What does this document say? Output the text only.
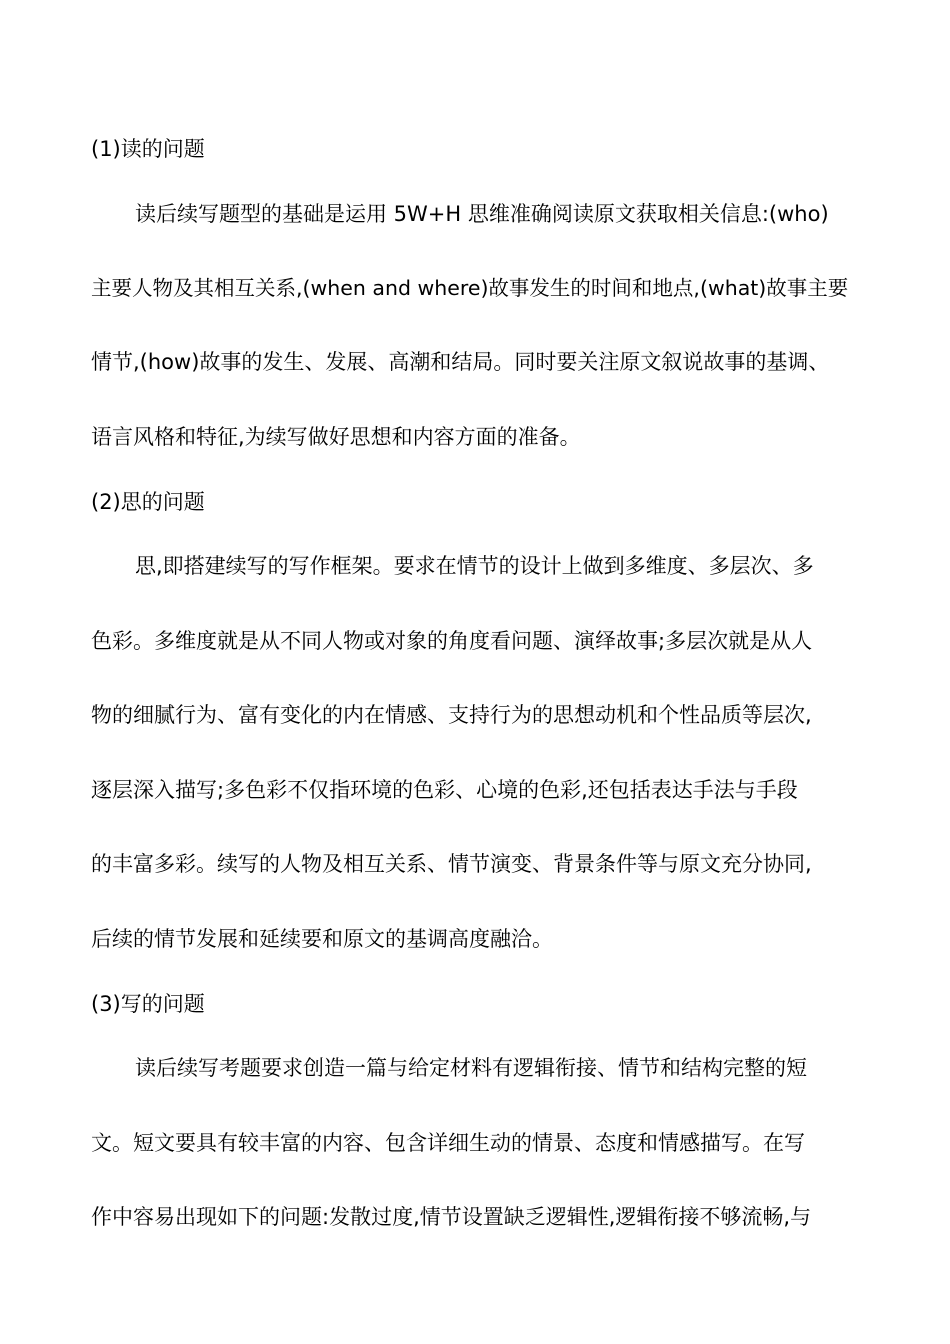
(1)读的问题
读后续写题型的基础是运用 5W+H 思维准确阅读原文获取相关信息:(who)
主要人物及其相互关系,(when and where)故事发生的时间和地点,(what)故事主要
情节,(how)故事的发生、发展、高潮和结局。同时要关注原文叙说故事的基调、
语言风格和特征,为续写做好思想和内容方面的准备。
(2)思的问题
思,即搭建续写的写作框架。要求在情节的设计上做到多维度、多层次、多
色彩。多维度就是从不同人物或对象的角度看问题、演绎故事;多层次就是从人
物的细腻行为、富有变化的内在情感、支持行为的思想动机和个性品质等层次,
逐层深入描写;多色彩不仅指环境的色彩、心境的色彩,还包括表达手法与手段
的丰富多彩。续写的人物及相互关系、情节演变、背景条件等与原文充分协同,
后续的情节发展和延续要和原文的基调高度融洽。
(3)写的问题
读后续写考题要求创造一篇与给定材料有逻辑衔接、情节和结构完整的短
文。短文要具有较丰富的内容、包含详细生动的情景、态度和情感描写。在写
作中容易出现如下的问题:发散过度,情节设置缺乏逻辑性,逻辑衔接不够流畅,与
